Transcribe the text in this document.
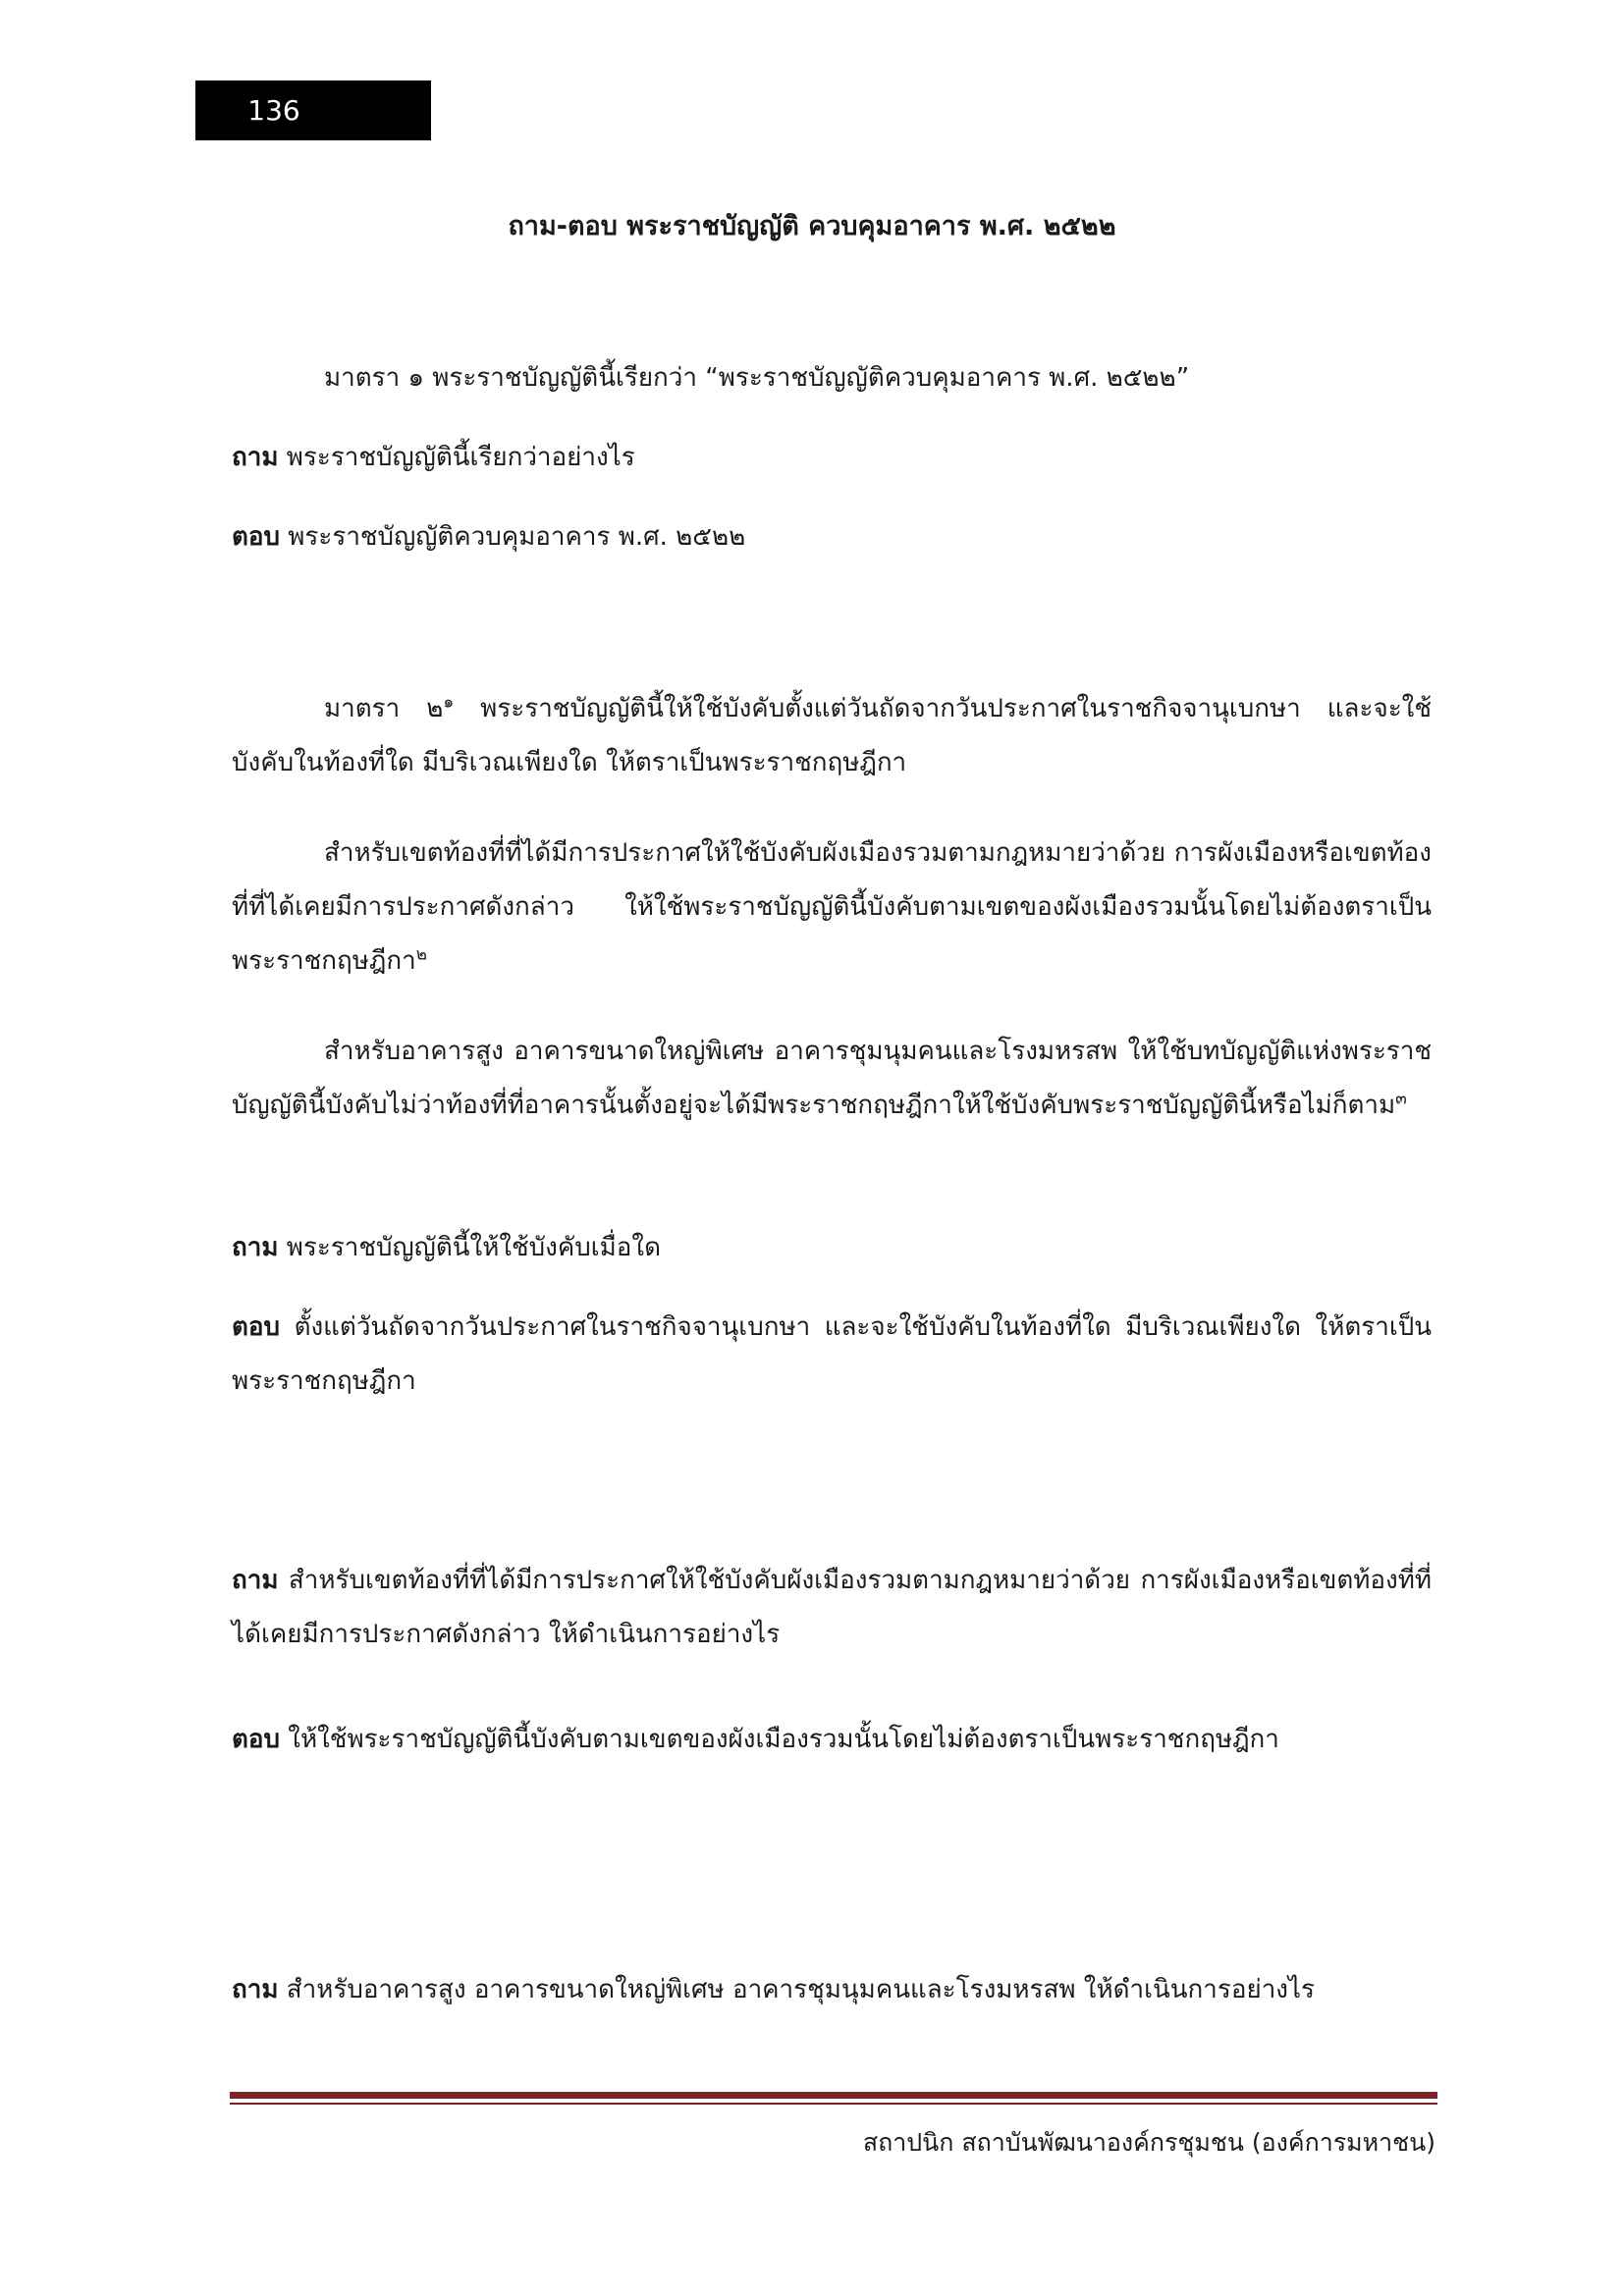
136
ถาม-ตอบ พระราชบัญญัติ ควบคุมอาคาร พ.ศ. ๒๕๒๒

มาตรา ๑ พระราชบัญญัตินี้เรียกว่า “พระราชบัญญัติควบคุมอาคาร พ.ศ. ๒๕๒๒”

ถาม พระราชบัญญัตินี้เรียกว่าอย่างไร

ตอบ พระราชบัญญัติควบคุมอาคาร พ.ศ. ๒๕๒๒

มาตรา ๒$^๑$ พระราชบัญญัตินี้ให้ใช้บังคับตั้งแต่วันถัดจากวันประกาศในราชกิจจานุเบกษา และจะใช้บังคับในท้องที่ใด มีบริเวณเพียงใด ให้ตราเป็นพระราชกฤษฎีกา

สำหรับเขตท้องที่ที่ได้มีการประกาศให้ใช้บังคับผังเมืองรวมตามกฎหมายว่าด้วย การผังเมืองหรือเขตท้องที่ที่ได้เคยมีการประกาศดังกล่าว ให้ใช้พระราชบัญญัตินี้บังคับตามเขตของผังเมืองรวมนั้นโดยไม่ต้องตราเป็นพระราชกฤษฎีกา$^๒$

สำหรับอาคารสูง อาคารขนาดใหญ่พิเศษ อาคารชุมนุมคนและโรงมหรสพ ให้ใช้บทบัญญัติแห่งพระราชบัญญัตินี้บังคับไม่ว่าท้องที่ที่อาคารนั้นตั้งอยู่จะได้มีพระราชกฤษฎีกาให้ใช้บังคับพระราชบัญญัตินี้หรือไม่ก็ตาม$^๓$

ถาม พระราชบัญญัตินี้ให้ใช้บังคับเมื่อใด

ตอบ ตั้งแต่วันถัดจากวันประกาศในราชกิจจานุเบกษา และจะใช้บังคับในท้องที่ใด มีบริเวณเพียงใด ให้ตราเป็นพระราชกฤษฎีกา

ถาม สำหรับเขตท้องที่ที่ได้มีการประกาศให้ใช้บังคับผังเมืองรวมตามกฎหมายว่าด้วย การผังเมืองหรือเขตท้องที่ที่ได้เคยมีการประกาศดังกล่าว ให้ดำเนินการอย่างไร

ตอบ ให้ใช้พระราชบัญญัตินี้บังคับตามเขตของผังเมืองรวมนั้นโดยไม่ต้องตราเป็นพระราชกฤษฎีกา

ถาม สำหรับอาคารสูง อาคารขนาดใหญ่พิเศษ อาคารชุมนุมคนและโรงมหรสพ ให้ดำเนินการอย่างไร

สถาปนิก สถาบันพัฒนาองค์กรชุมชน (องค์การมหาชน)
